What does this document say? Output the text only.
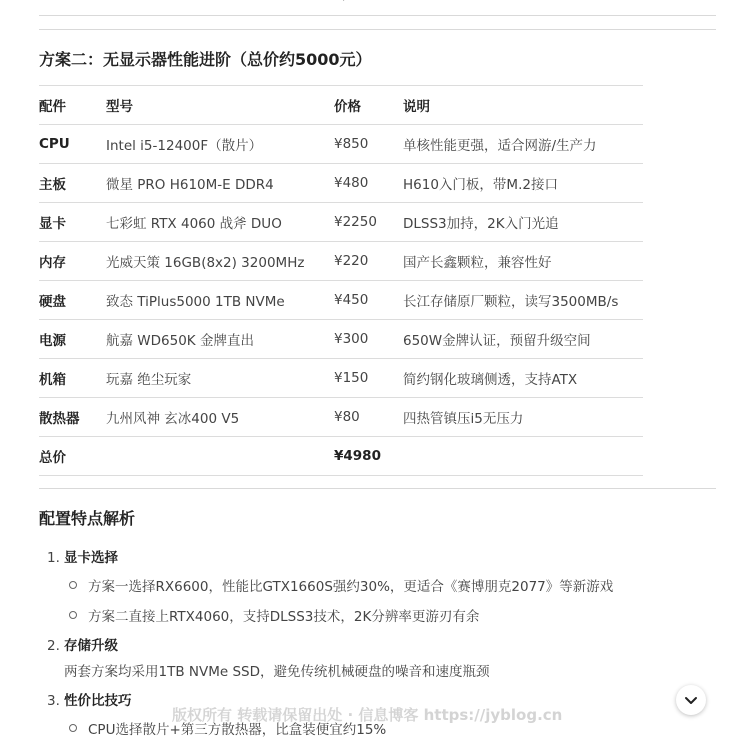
·
方案二：无显示器性能进阶（总价约5000元）
配件	型号	价格	说明
CPU	Intel i5-12400F（散片）	¥850	单核性能更强，适合网游/生产力
主板	微星 PRO H610M-E DDR4	¥480	H610入门板，带M.2接口
显卡	七彩虹 RTX 4060 战斧 DUO	¥2250	DLSS3加持，2K入门光追
内存	光威天策 16GB(8x2) 3200MHz	¥220	国产长鑫颗粒，兼容性好
硬盘	致态 TiPlus5000 1TB NVMe	¥450	长江存储原厂颗粒，读写3500MB/s
电源	航嘉 WD650K 金牌直出	¥300	650W金牌认证，预留升级空间
机箱	玩嘉 绝尘玩家	¥150	简约钢化玻璃侧透，支持ATX
散热器	九州风神 玄冰400 V5	¥80	四热管镇压i5无压力
总价		¥4980	
配置特点解析
1. 显卡选择
方案一选择RX6600，性能比GTX1660S强约30%，更适合《赛博朋克2077》等新游戏
方案二直接上RTX4060，支持DLSS3技术，2K分辨率更游刃有余
2. 存储升级
两套方案均采用1TB NVMe SSD，避免传统机械硬盘的噪音和速度瓶颈
3. 性价比技巧
CPU选择散片+第三方散热器，比盒装便宜约15%
版权所有 转载请保留出处 · 信息博客 https://jyblog.cn
